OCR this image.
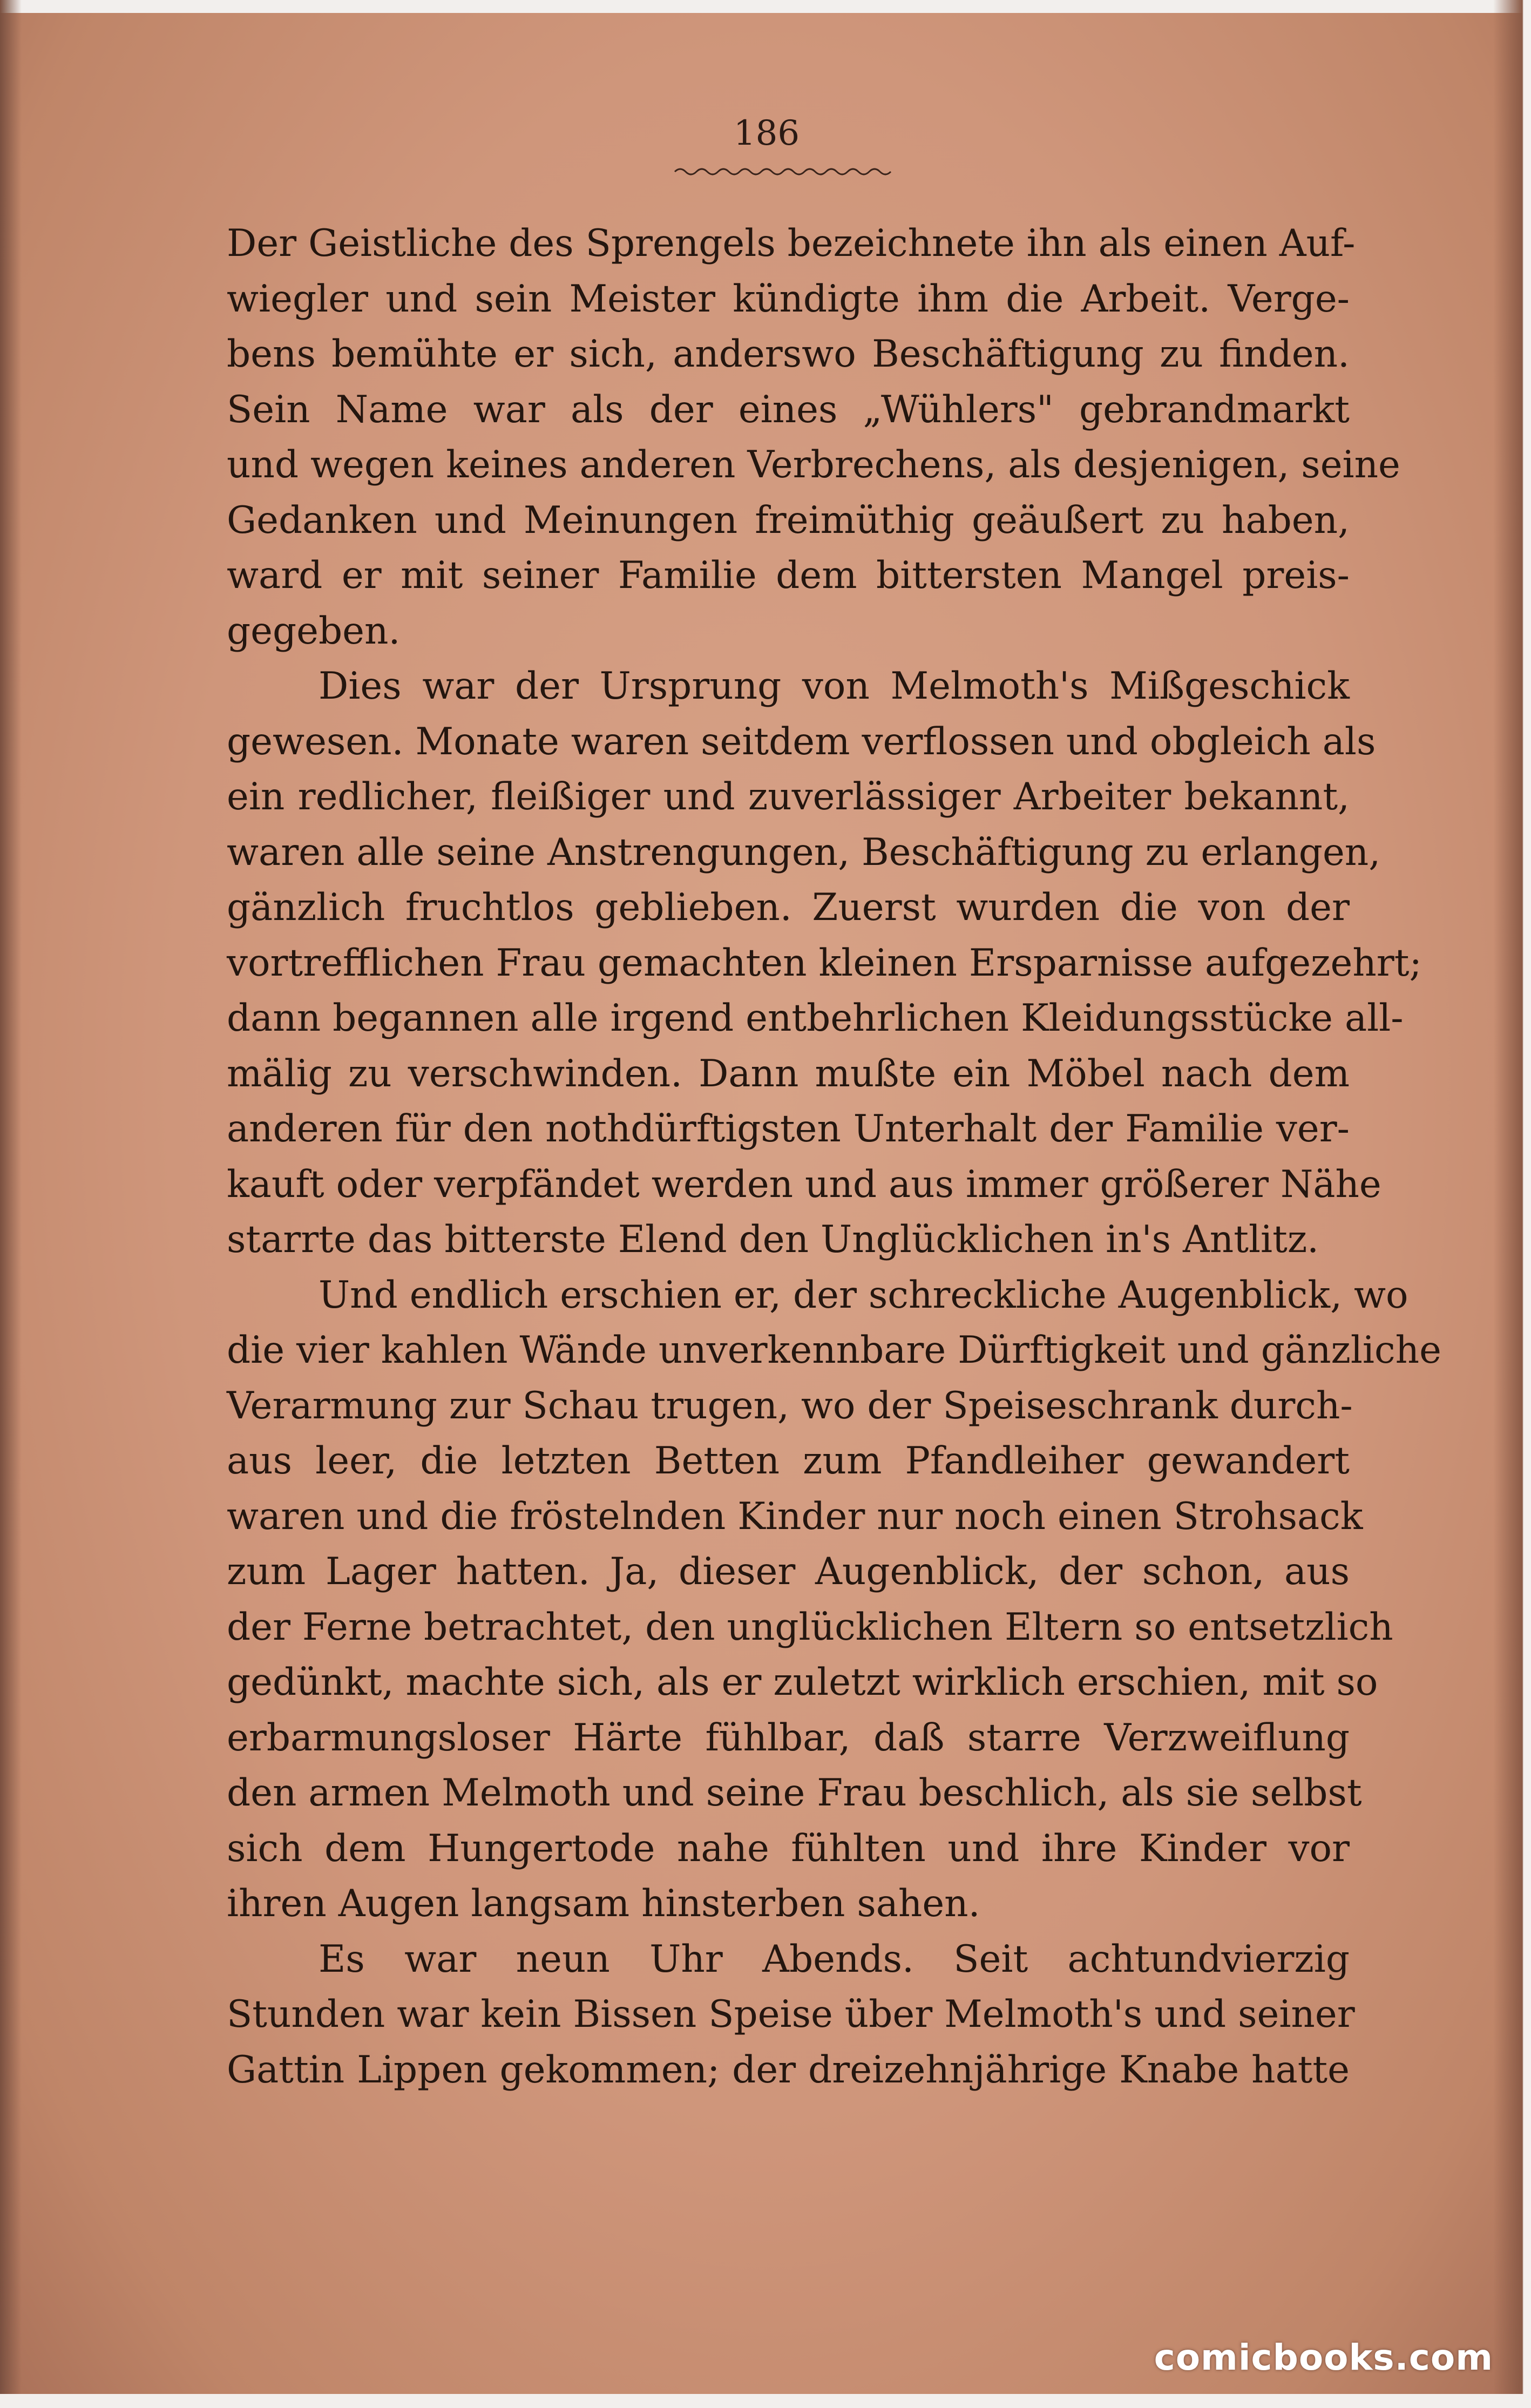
186
Der Geistliche des Sprengels bezeichnete ihn als einen Auf-
wiegler und sein Meister kündigte ihm die Arbeit. Verge-
bens bemühte er sich, anderswo Beschäftigung zu finden.
Sein Name war als der eines „Wühlers" gebrandmarkt
und wegen keines anderen Verbrechens, als desjenigen, seine
Gedanken und Meinungen freimüthig geäußert zu haben,
ward er mit seiner Familie dem bittersten Mangel preis-
gegeben.
Dies war der Ursprung von Melmoth's Mißgeschick
gewesen. Monate waren seitdem verflossen und obgleich als
ein redlicher, fleißiger und zuverlässiger Arbeiter bekannt,
waren alle seine Anstrengungen, Beschäftigung zu erlangen,
gänzlich fruchtlos geblieben. Zuerst wurden die von der
vortrefflichen Frau gemachten kleinen Ersparnisse aufgezehrt;
dann begannen alle irgend entbehrlichen Kleidungsstücke all-
mälig zu verschwinden. Dann mußte ein Möbel nach dem
anderen für den nothdürftigsten Unterhalt der Familie ver-
kauft oder verpfändet werden und aus immer größerer Nähe
starrte das bitterste Elend den Unglücklichen in's Antlitz.
Und endlich erschien er, der schreckliche Augenblick, wo
die vier kahlen Wände unverkennbare Dürftigkeit und gänzliche
Verarmung zur Schau trugen, wo der Speiseschrank durch-
aus leer, die letzten Betten zum Pfandleiher gewandert
waren und die fröstelnden Kinder nur noch einen Strohsack
zum Lager hatten. Ja, dieser Augenblick, der schon, aus
der Ferne betrachtet, den unglücklichen Eltern so entsetzlich
gedünkt, machte sich, als er zuletzt wirklich erschien, mit so
erbarmungsloser Härte fühlbar, daß starre Verzweiflung
den armen Melmoth und seine Frau beschlich, als sie selbst
sich dem Hungertode nahe fühlten und ihre Kinder vor
ihren Augen langsam hinsterben sahen.
Es war neun Uhr Abends. Seit achtundvierzig
Stunden war kein Bissen Speise über Melmoth's und seiner
Gattin Lippen gekommen; der dreizehnjährige Knabe hatte
comicbooks.com
